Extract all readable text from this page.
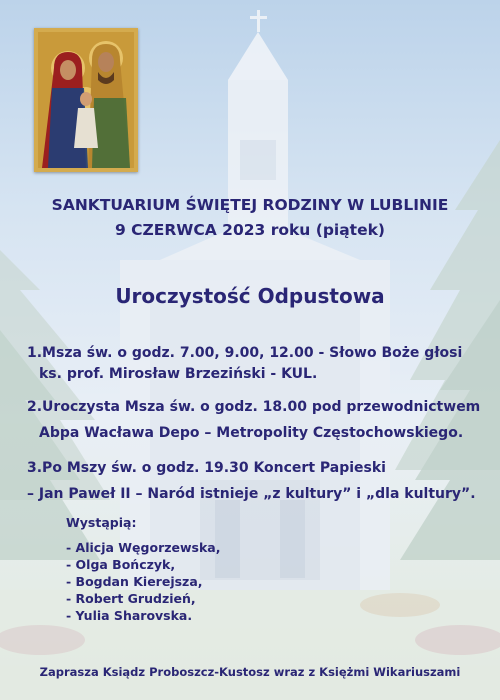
SANKTUARIUM ŚWIĘTEJ RODZINY W LUBLINIE
9 CZERWCA 2023 roku (piątek)
Uroczystość Odpustowa
1.Msza św. o godz. 7.00, 9.00, 12.00 - Słowo Boże głosi
ks. prof. Mirosław Brzeziński - KUL.
2.Uroczysta Msza św. o godz. 18.00 pod przewodnictwem
Abpa Wacława Depo – Metropolity Częstochowskiego.
3.Po Mszy św. o godz. 19.30 Koncert Papieski
– Jan Paweł II – Naród istnieje „z kultury” i „dla kultury”.
Wystąpią:
- Alicja Węgorzewska,
- Olga Bończyk,
- Bogdan Kierejsza,
- Robert Grudzień,
- Yulia Sharovska.
Zaprasza Ksiądz Proboszcz-Kustosz wraz z Księżmi Wikariuszami
